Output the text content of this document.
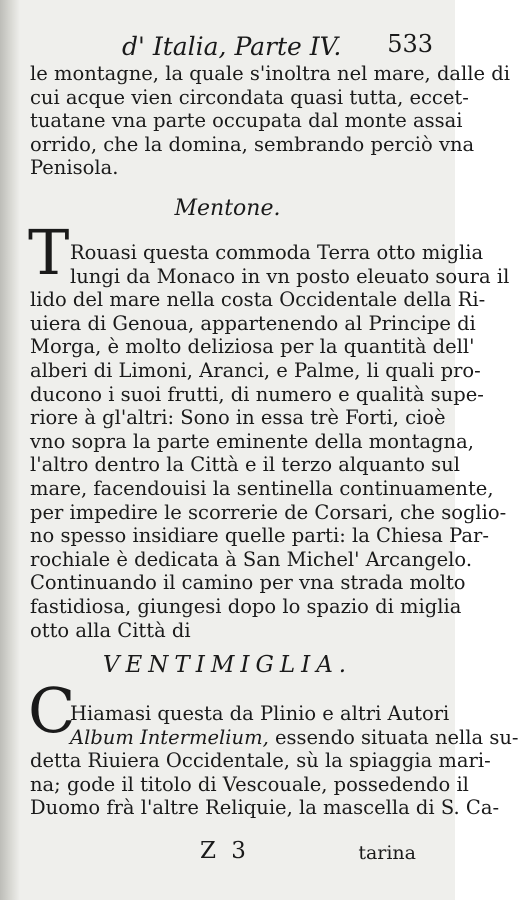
d' Italia, Parte IV. 533
le montagne, la quale s'inoltra nel mare, dalle di
cui acque vien circondata quasi tutta, eccet-
tuatane vna parte occupata dal monte assai
orrido, che la domina, sembrando perciò vna
Penisola.
Mentone.
T Rouasi questa commoda Terra otto miglia
lungi da Monaco in vn posto eleuato soura il
lido del mare nella costa Occidentale della Ri-
uiera di Genoua, appartenendo al Principe di
Morga, è molto deliziosa per la quantità dell'
alberi di Limoni, Aranci, e Palme, li quali pro-
ducono i suoi frutti, di numero e qualità supe-
riore à gl'altri: Sono in essa trè Forti, cioè
vno sopra la parte eminente della montagna,
l'altro dentro la Città e il terzo alquanto sul
mare, facendouisi la sentinella continuamente,
per impedire le scorrerie de Corsari, che soglio-
no spesso insidiare quelle parti: la Chiesa Par-
rochiale è dedicata à San Michel' Arcangelo.
Continuando il camino per vna strada molto
fastidiosa, giungesi dopo lo spazio di miglia
otto alla Città di
VENTIMIGLIA.
C
Hiamasi questa da Plinio e altri Autori
Album Intermelium, essendo situata nella su-
detta Riuiera Occidentale, sù la spiaggia mari-
na; gode il titolo di Vescouale, possedendo il
Duomo frà l'altre Reliquie, la mascella di S. Ca-
Z 3	tarina
